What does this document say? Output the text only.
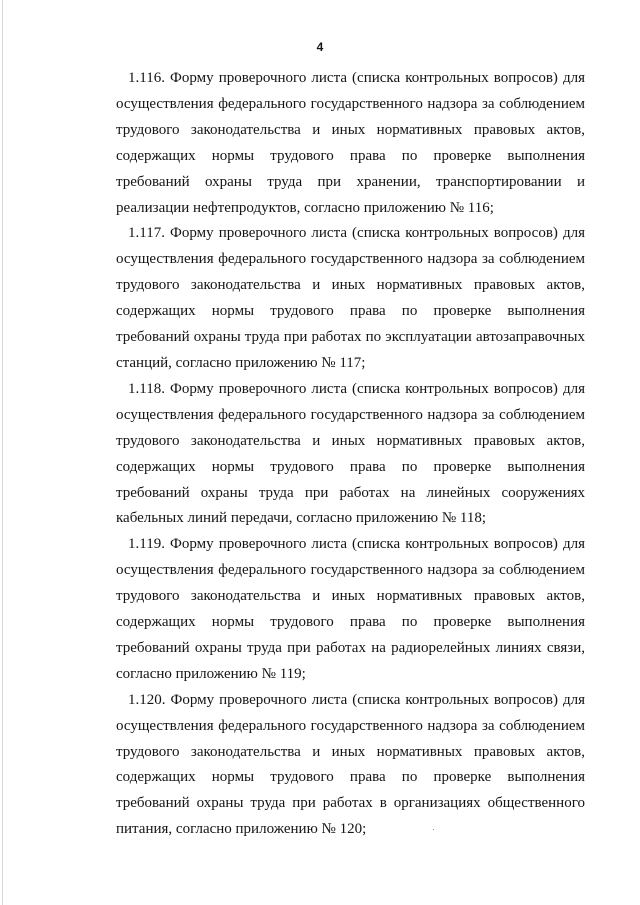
4

1.116. Форму проверочного листа (списка контрольных вопросов) для осуществления федерального государственного надзора за соблюдением трудового законодательства и иных нормативных правовых актов, содержащих нормы трудового права по проверке выполнения требований охраны труда при хранении, транспортировании и реализации нефтепродуктов, согласно приложению № 116;

1.117. Форму проверочного листа (списка контрольных вопросов) для осуществления федерального государственного надзора за соблюдением трудового законодательства и иных нормативных правовых актов, содержащих нормы трудового права по проверке выполнения требований охраны труда при работах по эксплуатации автозаправочных станций, согласно приложению № 117;

1.118. Форму проверочного листа (списка контрольных вопросов) для осуществления федерального государственного надзора за соблюдением трудового законодательства и иных нормативных правовых актов, содержащих нормы трудового права по проверке выполнения требований охраны труда при работах на линейных сооружениях кабельных линий передачи, согласно приложению № 118;

1.119. Форму проверочного листа (списка контрольных вопросов) для осуществления федерального государственного надзора за соблюдением трудового законодательства и иных нормативных правовых актов, содержащих нормы трудового права по проверке выполнения требований охраны труда при работах на радиорелейных линиях связи, согласно приложению № 119;

1.120. Форму проверочного листа (списка контрольных вопросов) для осуществления федерального государственного надзора за соблюдением трудового законодательства и иных нормативных правовых актов, содержащих нормы трудового права по проверке выполнения требований охраны труда при работах в организациях общественного питания, согласно приложению № 120;
